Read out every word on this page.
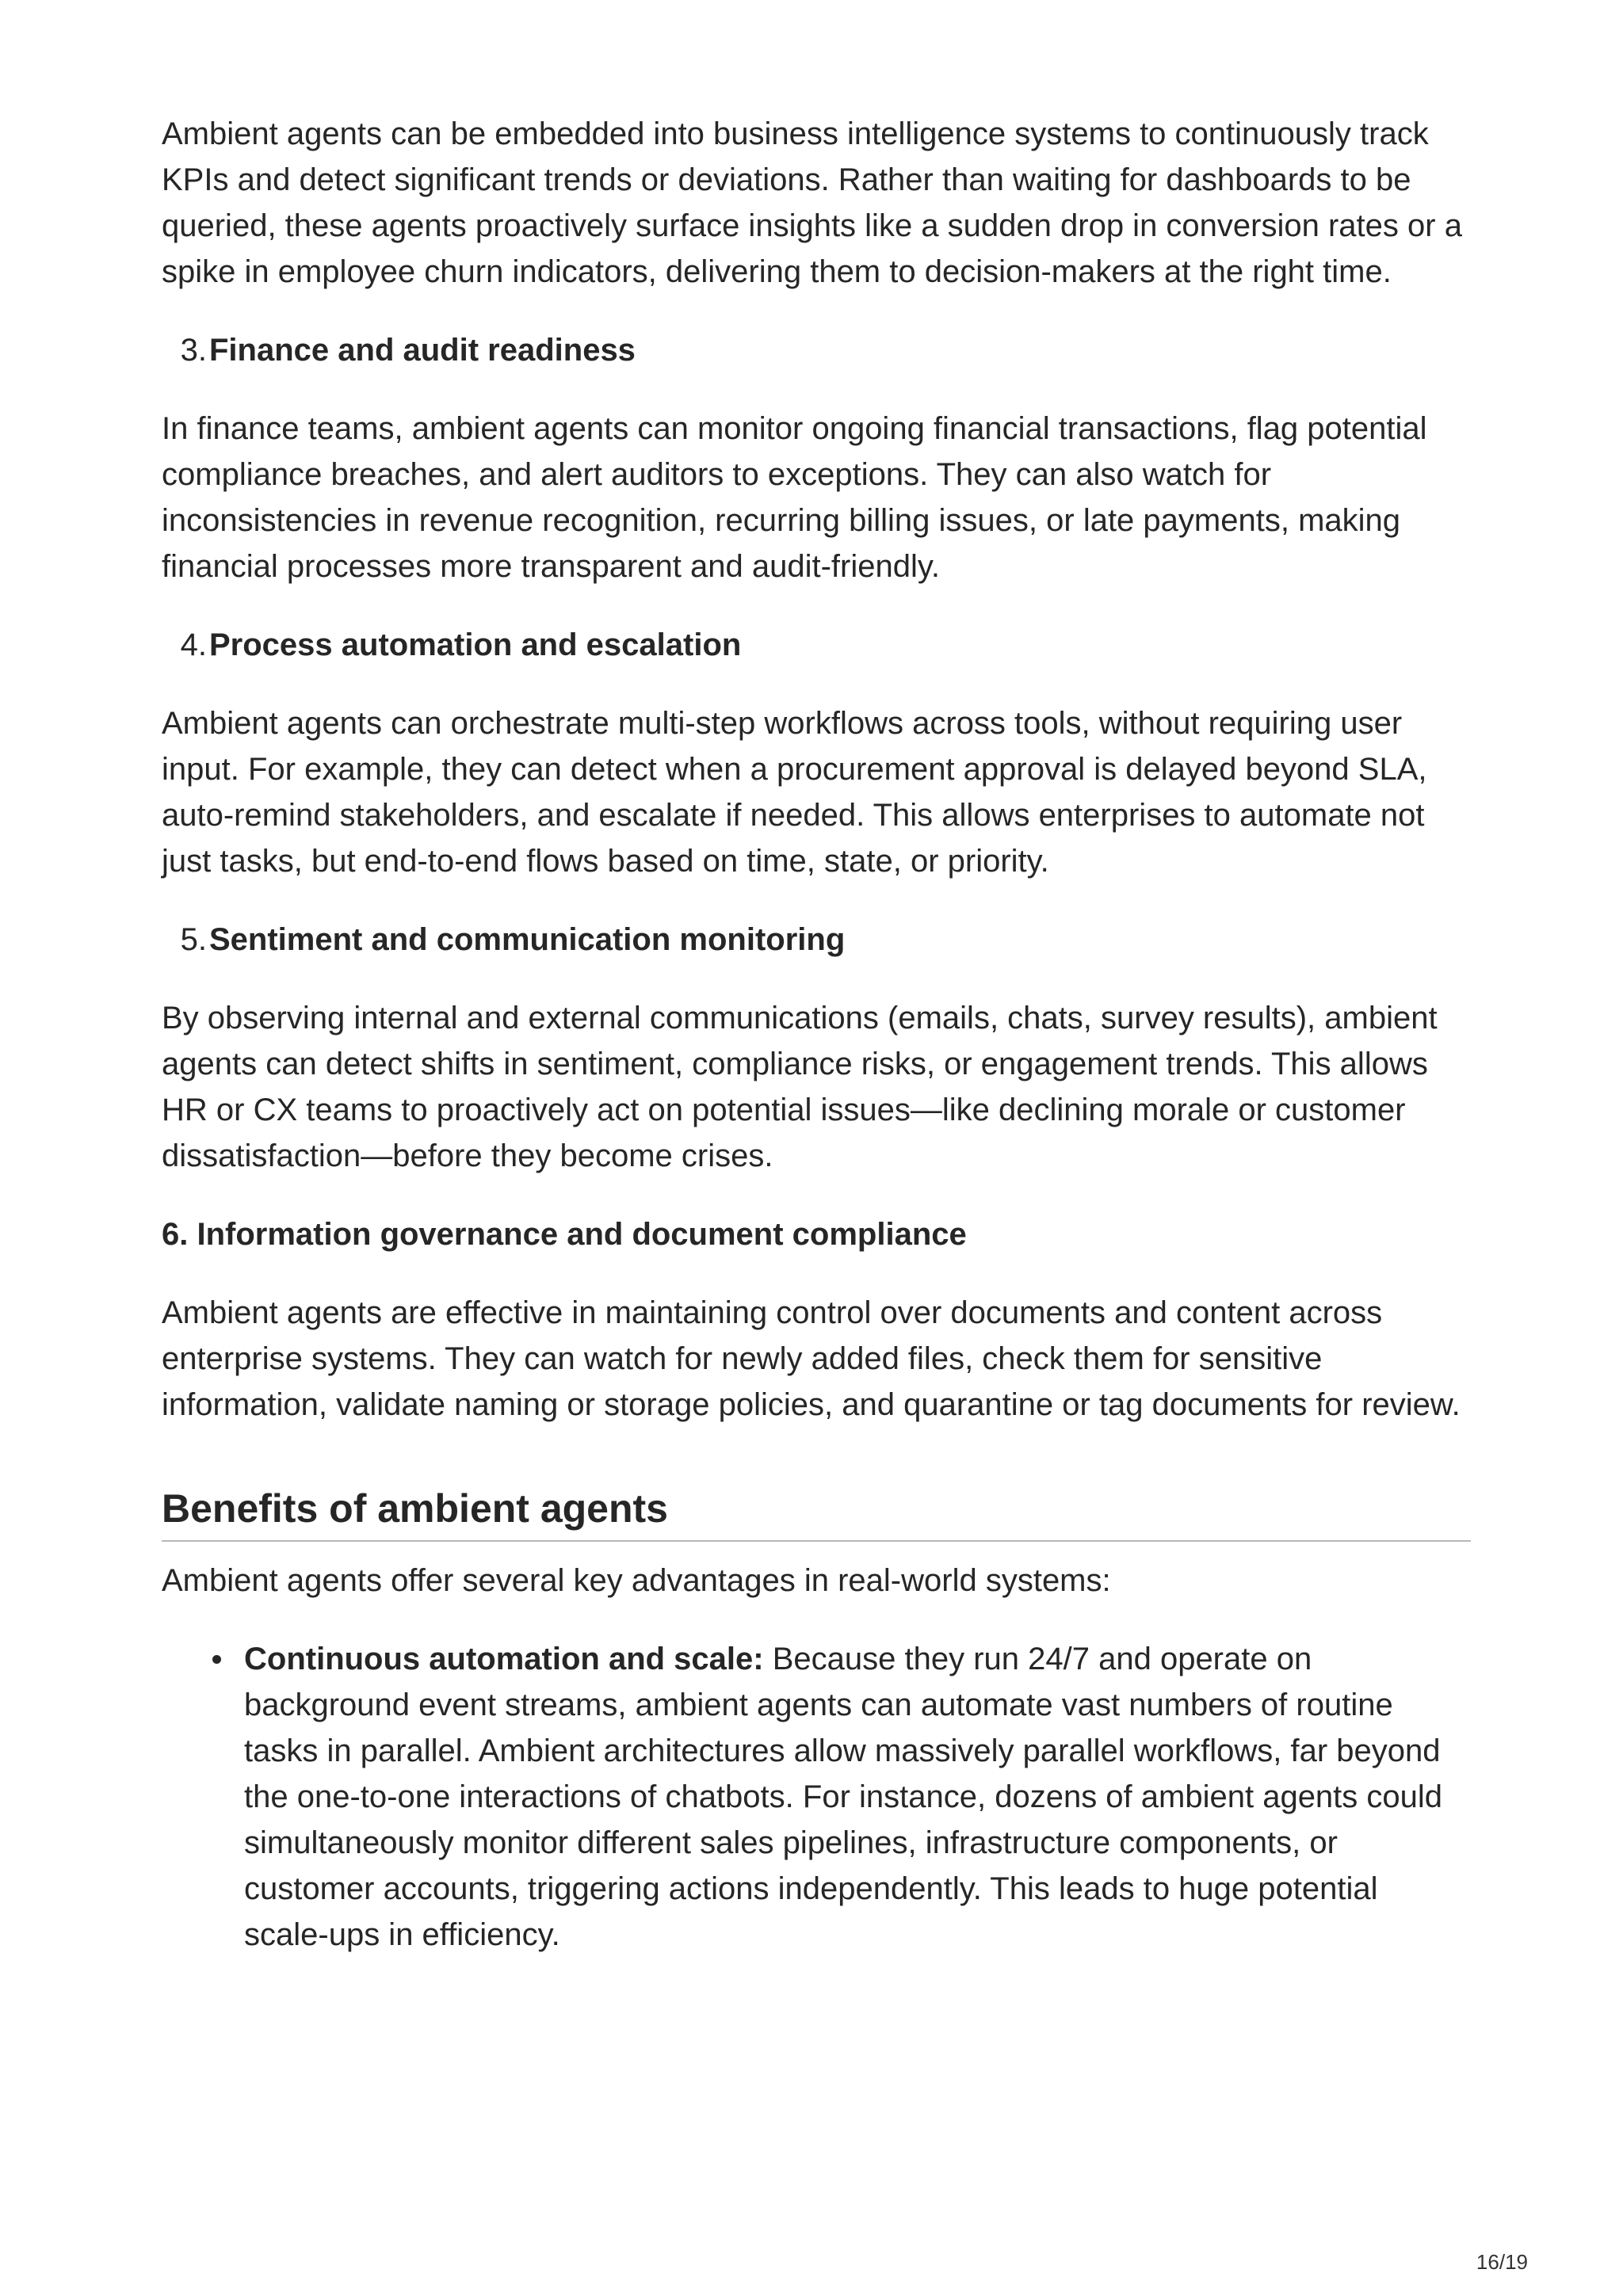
Ambient agents can be embedded into business intelligence systems to continuously track KPIs and detect significant trends or deviations. Rather than waiting for dashboards to be queried, these agents proactively surface insights like a sudden drop in conversion rates or a spike in employee churn indicators, delivering them to decision-makers at the right time.

3. Finance and audit readiness

In finance teams, ambient agents can monitor ongoing financial transactions, flag potential compliance breaches, and alert auditors to exceptions. They can also watch for inconsistencies in revenue recognition, recurring billing issues, or late payments, making financial processes more transparent and audit-friendly.

4. Process automation and escalation

Ambient agents can orchestrate multi-step workflows across tools, without requiring user input. For example, they can detect when a procurement approval is delayed beyond SLA, auto-remind stakeholders, and escalate if needed. This allows enterprises to automate not just tasks, but end-to-end flows based on time, state, or priority.

5. Sentiment and communication monitoring

By observing internal and external communications (emails, chats, survey results), ambient agents can detect shifts in sentiment, compliance risks, or engagement trends. This allows HR or CX teams to proactively act on potential issues—like declining morale or customer dissatisfaction—before they become crises.

6. Information governance and document compliance

Ambient agents are effective in maintaining control over documents and content across enterprise systems. They can watch for newly added files, check them for sensitive information, validate naming or storage policies, and quarantine or tag documents for review.

Benefits of ambient agents

Ambient agents offer several key advantages in real-world systems:

Continuous automation and scale: Because they run 24/7 and operate on background event streams, ambient agents can automate vast numbers of routine tasks in parallel. Ambient architectures allow massively parallel workflows, far beyond the one-to-one interactions of chatbots. For instance, dozens of ambient agents could simultaneously monitor different sales pipelines, infrastructure components, or customer accounts, triggering actions independently. This leads to huge potential scale-ups in efficiency.
16/19
